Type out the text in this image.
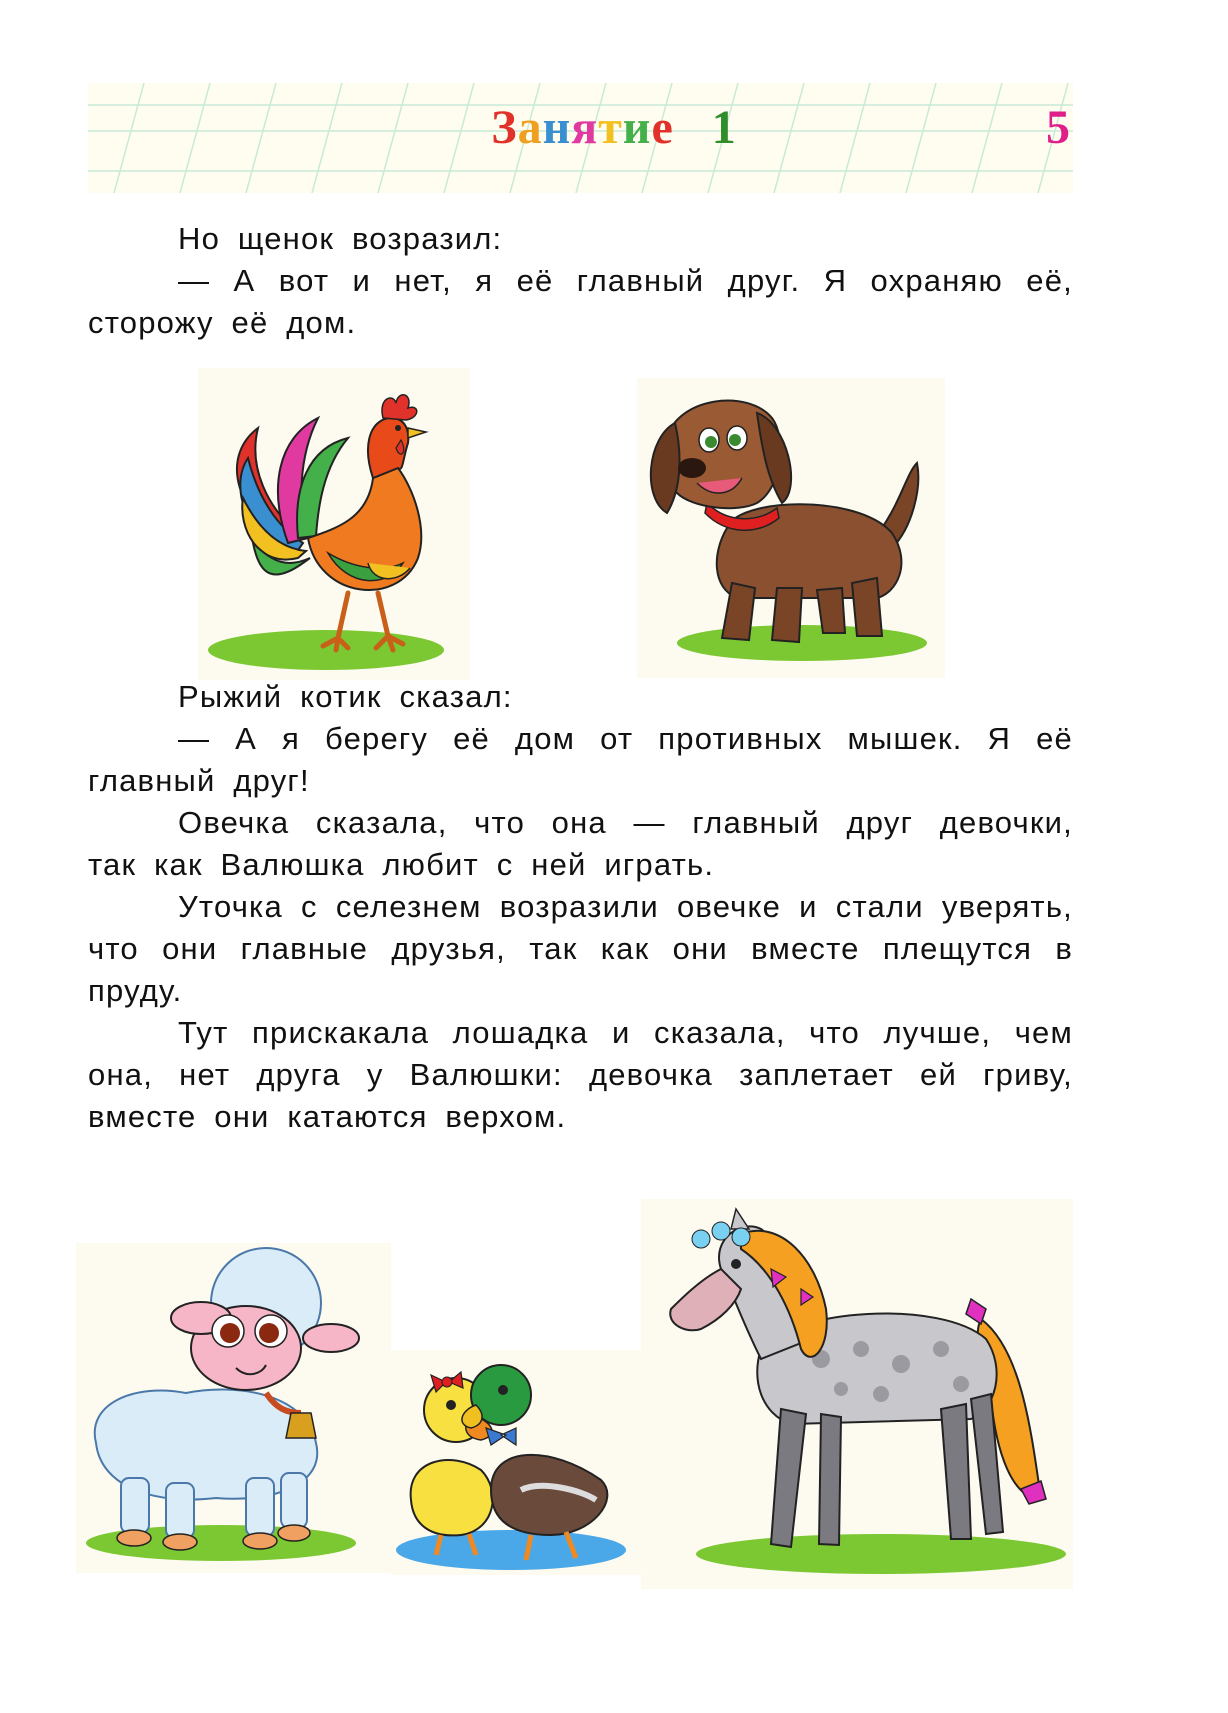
Занятие 1	5

Но щенок возразил:

— А вот и нет, я её главный друг. Я охраняю её, сторожу её дом.

Рыжий котик сказал:

— А я берегу её дом от противных мышек. Я её главный друг!

Овечка сказала, что она — главный друг девочки, так как Валюшка любит с ней играть.

Уточка с селезнем возразили овечке и стали уверять, что они главные друзья, так как они вместе плещутся в пруду.

Тут прискакала лошадка и сказала, что лучше, чем она, нет друга у Валюшки: девочка заплетает ей гриву, вместе они катаются верхом.
